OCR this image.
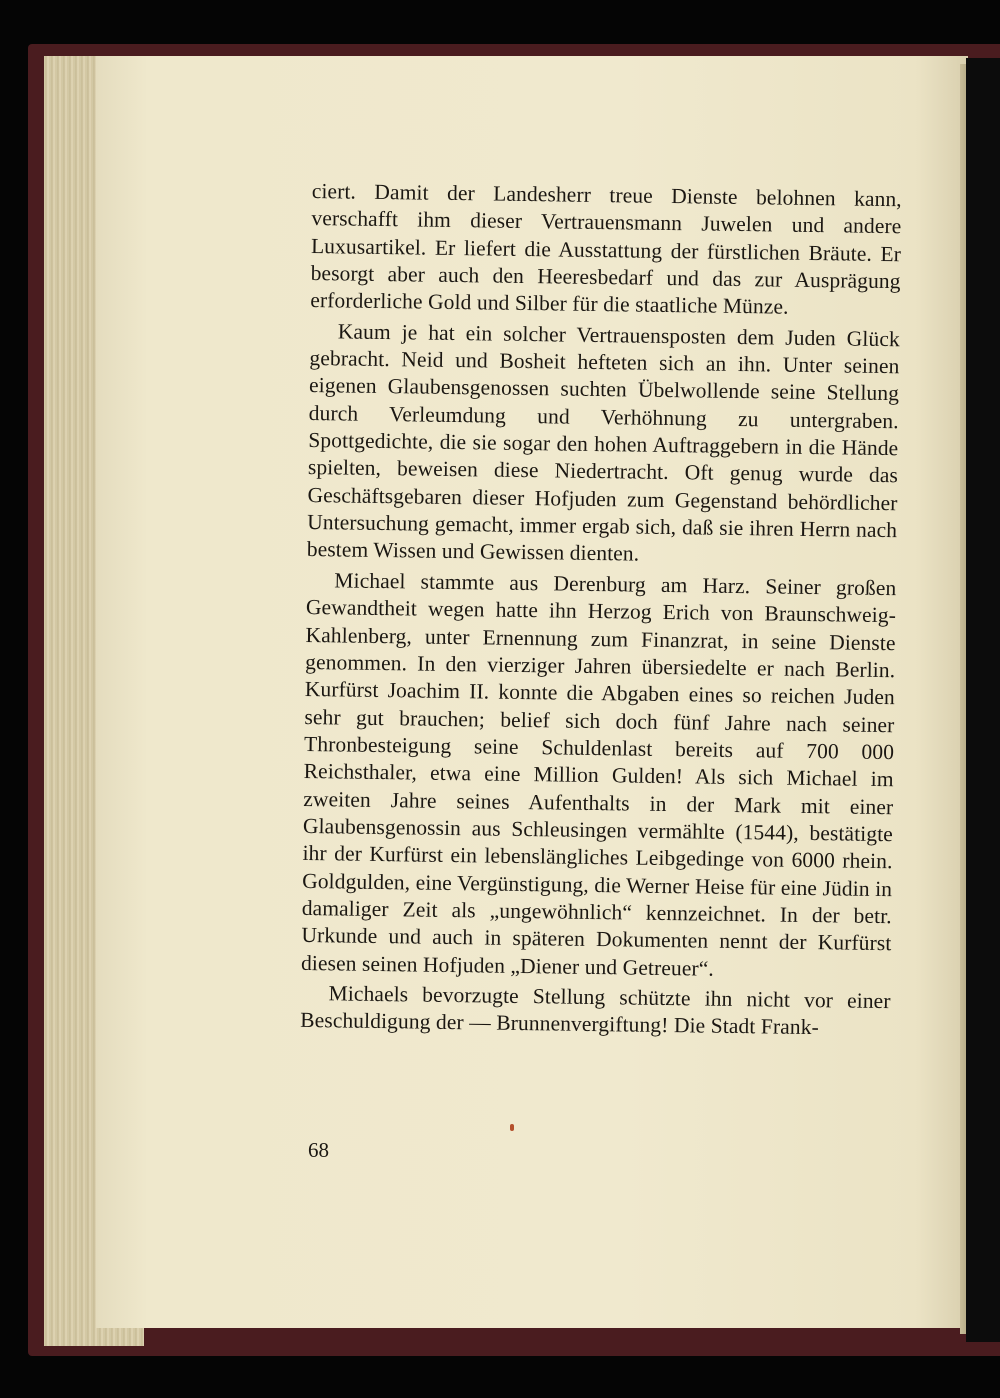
ciert. Damit der Landesherr treue Dienste belohnen kann, verschafft ihm dieser Vertrauensmann Juwelen und andere Luxusartikel. Er liefert die Ausstattung der fürstlichen Bräute. Er besorgt aber auch den Heeresbedarf und das zur Ausprägung erforderliche Gold und Silber für die staatliche Münze.

Kaum je hat ein solcher Vertrauensposten dem Juden Glück gebracht. Neid und Bosheit hefteten sich an ihn. Unter seinen eigenen Glaubensgenossen suchten Übelwollende seine Stellung durch Verleumdung und Verhöhnung zu untergraben. Spottgedichte, die sie sogar den hohen Auftraggebern in die Hände spielten, beweisen diese Niedertracht. Oft genug wurde das Geschäftsgebaren dieser Hofjuden zum Gegenstand behördlicher Untersuchung gemacht, immer ergab sich, daß sie ihren Herrn nach bestem Wissen und Gewissen dienten.

Michael stammte aus Derenburg am Harz. Seiner großen Gewandtheit wegen hatte ihn Herzog Erich von Braunschweig-Kahlenberg, unter Ernennung zum Finanzrat, in seine Dienste genommen. In den vierziger Jahren übersiedelte er nach Berlin. Kurfürst Joachim II. konnte die Abgaben eines so reichen Juden sehr gut brauchen; belief sich doch fünf Jahre nach seiner Thronbesteigung seine Schuldenlast bereits auf 700 000 Reichsthaler, etwa eine Million Gulden! Als sich Michael im zweiten Jahre seines Aufenthalts in der Mark mit einer Glaubensgenossin aus Schleusingen vermählte (1544), bestätigte ihr der Kurfürst ein lebenslängliches Leibgedinge von 6000 rhein. Goldgulden, eine Vergünstigung, die Werner Heise für eine Jüdin in damaliger Zeit als „ungewöhnlich“ kennzeichnet. In der betr. Urkunde und auch in späteren Dokumenten nennt der Kurfürst diesen seinen Hofjuden „Diener und Getreuer“.

Michaels bevorzugte Stellung schützte ihn nicht vor einer Beschuldigung der — Brunnenvergiftung! Die Stadt Frank-

68
